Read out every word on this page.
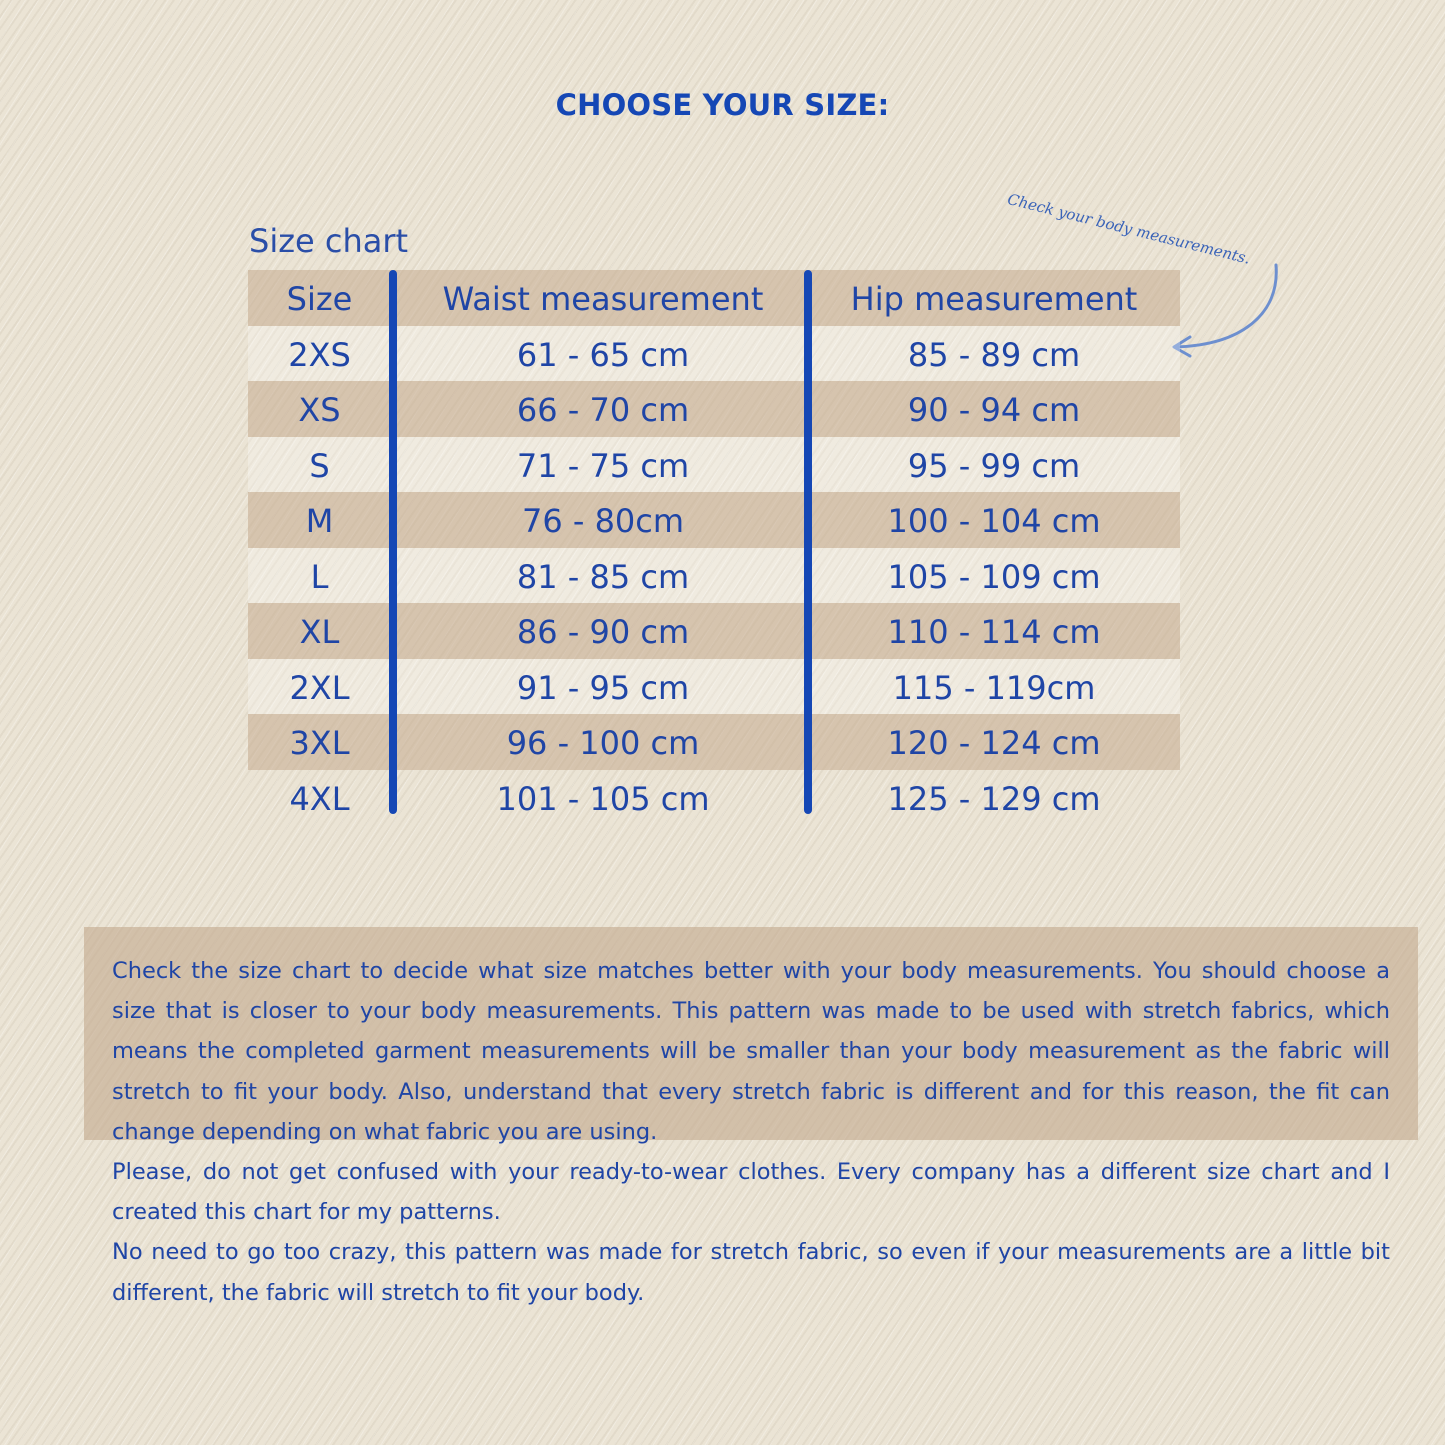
CHOOSE YOUR SIZE:
Check your body measurements.
Size chart
Size	Waist measurement	Hip measurement
2XS	61 - 65 cm	85 - 89 cm
XS	66 - 70 cm	90 - 94 cm
S	71 - 75 cm	95 - 99 cm
M	76 - 80cm	100 - 104 cm
L	81 - 85 cm	105 - 109 cm
XL	86 - 90 cm	110 - 114 cm
2XL	91 - 95 cm	115 - 119cm
3XL	96 - 100 cm	120 - 124 cm
4XL	101 - 105 cm	125 - 129 cm

Check the size chart to decide what size matches better with your body measurements. You should choose a size that is closer to your body measurements. This pattern was made to be used with stretch fabrics, which means the completed garment measurements will be smaller than your body measurement as the fabric will stretch to fit your body. Also, understand that every stretch fabric is different and for this reason, the fit can change depending on what fabric you are using.

Please, do not get confused with your ready-to-wear clothes. Every company has a different size chart and I created this chart for my patterns.

No need to go too crazy, this pattern was made for stretch fabric, so even if your measurements are a little bit different, the fabric will stretch to fit your body.
